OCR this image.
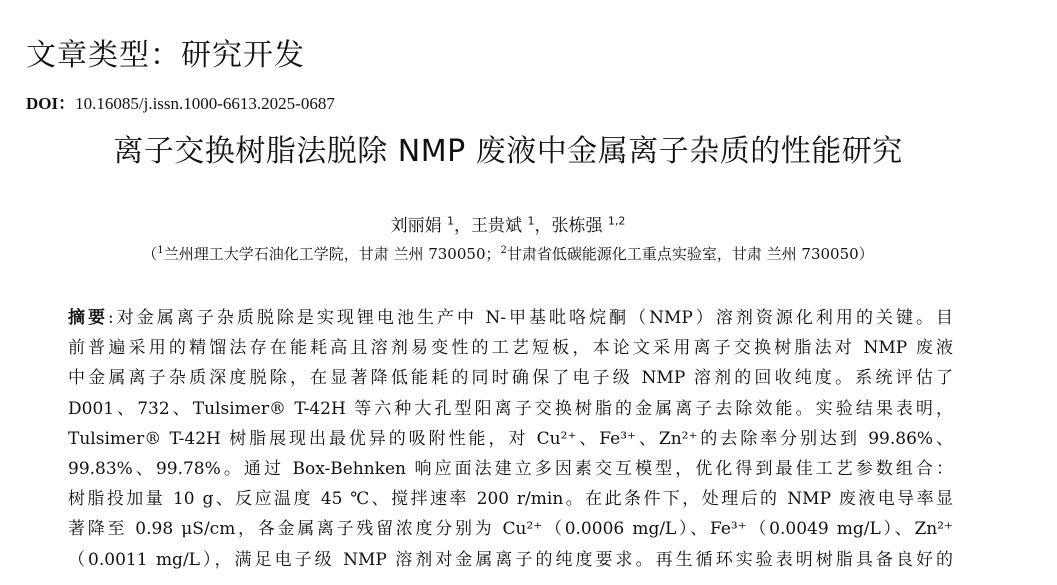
文章类型：研究开发
DOI：10.16085/j.issn.1000-6613.2025-0687
离子交换树脂法脱除 NMP 废液中金属离子杂质的性能研究
刘丽娟 $^1$，王贵斌 $^1$，张栋强 $^{1,2}$
（$^1$兰州理工大学石油化工学院，甘肃 兰州 730050；$^2$甘肃省低碳能源化工重点实验室，甘肃 兰州 730050）
摘要:对金属离子杂质脱除是实现锂电池生产中 N-甲基吡咯烷酮（NMP）溶剂资源化利用的关键。目
前普遍采用的精馏法存在能耗高且溶剂易变性的工艺短板，本论文采用离子交换树脂法对 NMP 废液
中金属离子杂质深度脱除，在显著降低能耗的同时确保了电子级 NMP 溶剂的回收纯度。系统评估了
D001、732、Tulsimer® T-42H 等六种大孔型阳离子交换树脂的金属离子去除效能。实验结果表明，
Tulsimer® T-42H 树脂展现出最优异的吸附性能，对 Cu²⁺、Fe³⁺、Zn²⁺的去除率分别达到 99.86%、
99.83%、99.78%。通过 Box-Behnken 响应面法建立多因素交互模型，优化得到最佳工艺参数组合：
树脂投加量 10 g、反应温度 45 ℃、搅拌速率 200 r/min。在此条件下，处理后的 NMP 废液电导率显
著降至 0.98 μS/cm，各金属离子残留浓度分别为 Cu²⁺（0.0006 mg/L）、Fe³⁺（0.0049 mg/L）、Zn²⁺
（0.0011 mg/L），满足电子级 NMP 溶剂对金属离子的纯度要求。再生循环实验表明树脂具备良好的
